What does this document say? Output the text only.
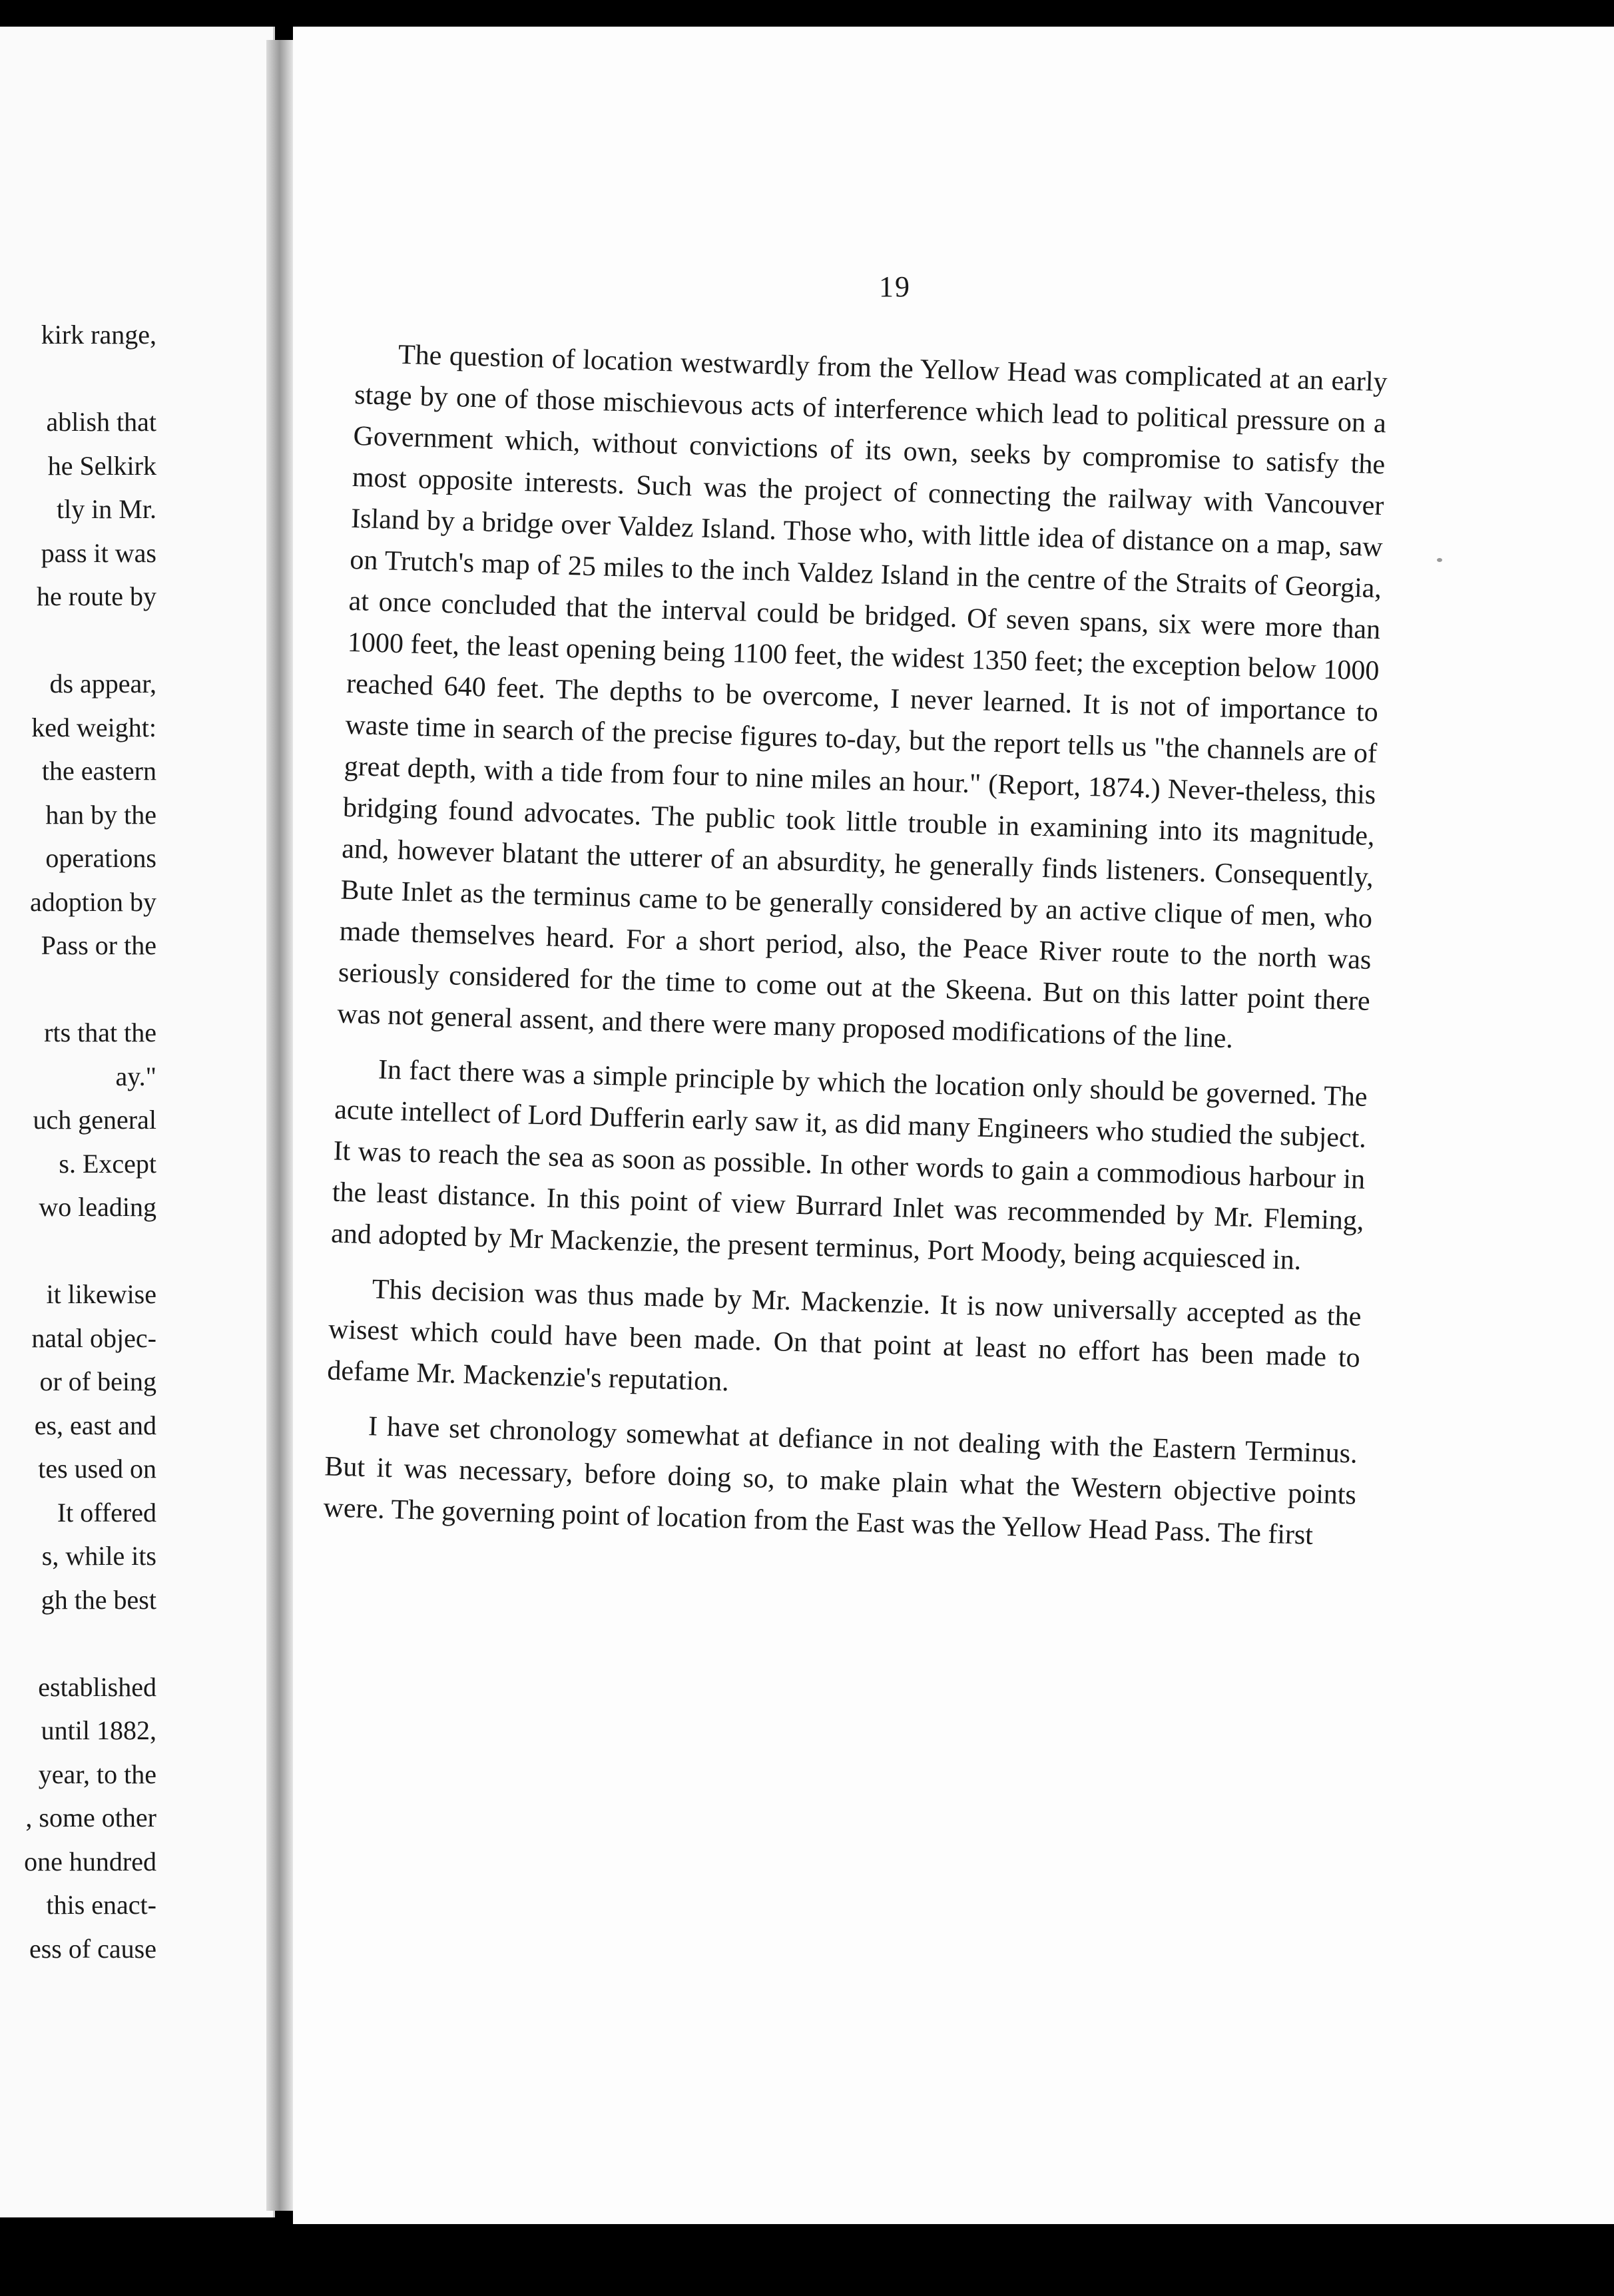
kirk range,

ablish that
he Selkirk
tly in Mr.
pass it was
he route by

ds appear,
ked weight:
the eastern
han by the
operations
adoption by
Pass or the

rts that the
ay."
uch general
s. Except
wo leading

it likewise
natal objec-
or of being
es, east and
tes used on
It offered
s, while its
gh the best

established
until 1882,
year, to the
, some other
one hundred
this enact-
ess of cause
19

The question of location westwardly from the Yellow Head was complicated at an early stage by one of those mischievous acts of interference which lead to political pressure on a Government which, without convictions of its own, seeks by compromise to satisfy the most opposite interests. Such was the project of connecting the railway with Vancouver Island by a bridge over Valdez Island. Those who, with little idea of distance on a map, saw on Trutch's map of 25 miles to the inch Valdez Island in the centre of the Straits of Georgia, at once concluded that the interval could be bridged. Of seven spans, six were more than 1000 feet, the least opening being 1100 feet, the widest 1350 feet; the exception below 1000 reached 640 feet. The depths to be overcome, I never learned. It is not of importance to waste time in search of the precise figures to-day, but the report tells us "the channels are of great depth, with a tide from four to nine miles an hour." (Report, 1874.) Never-theless, this bridging found advocates. The public took little trouble in examining into its magnitude, and, however blatant the utterer of an absurdity, he generally finds listeners. Consequently, Bute Inlet as the terminus came to be generally considered by an active clique of men, who made themselves heard. For a short period, also, the Peace River route to the north was seriously considered for the time to come out at the Skeena. But on this latter point there was not general assent, and there were many proposed modifications of the line.

In fact there was a simple principle by which the location only should be governed. The acute intellect of Lord Dufferin early saw it, as did many Engineers who studied the subject. It was to reach the sea as soon as possible. In other words to gain a commodious harbour in the least distance. In this point of view Burrard Inlet was recommended by Mr. Fleming, and adopted by Mr Mackenzie, the present terminus, Port Moody, being acquiesced in.

This decision was thus made by Mr. Mackenzie. It is now universally accepted as the wisest which could have been made. On that point at least no effort has been made to defame Mr. Mackenzie's reputation.

I have set chronology somewhat at defiance in not dealing with the Eastern Terminus. But it was necessary, before doing so, to make plain what the Western objective points were. The governing point of location from the East was the Yellow Head Pass. The first
